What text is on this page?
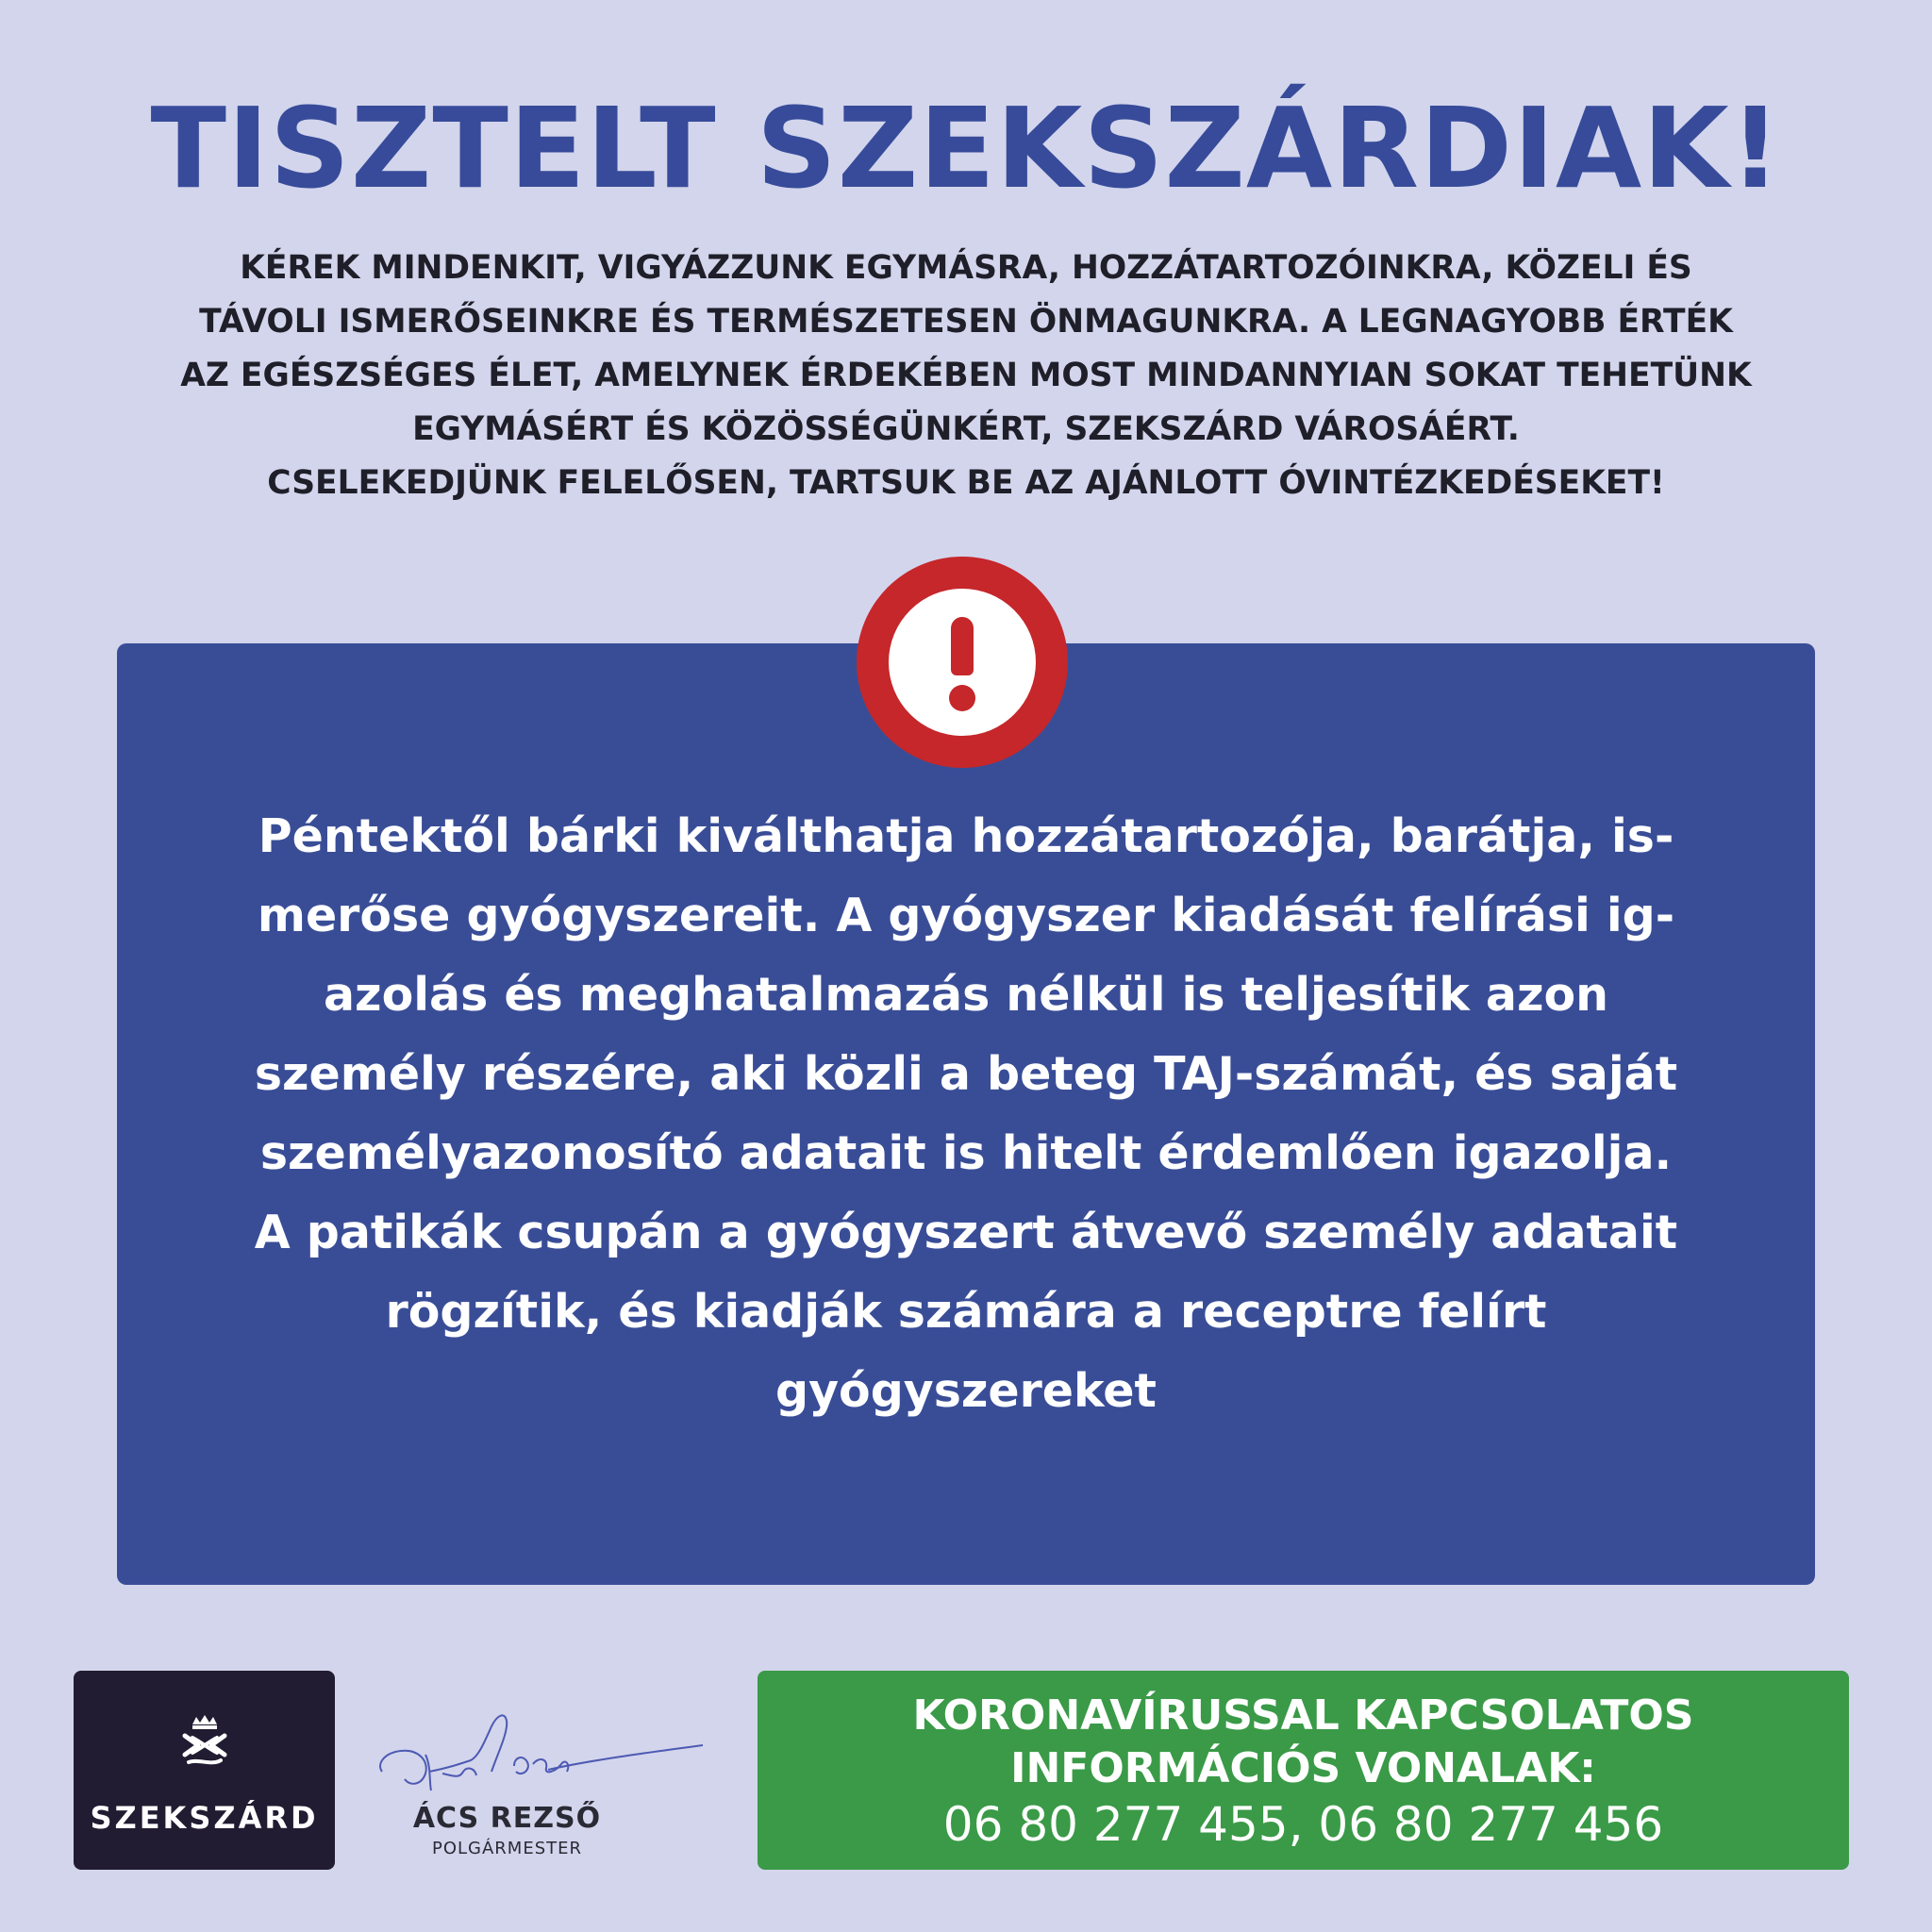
TISZTELT SZEKSZÁRDIAK!
KÉREK MINDENKIT, VIGYÁZZUNK EGYMÁSRA, HOZZÁTARTOZÓINKRA, KÖZELI ÉS
TÁVOLI ISMERŐSEINKRE ÉS TERMÉSZETESEN ÖNMAGUNKRA. A LEGNAGYOBB ÉRTÉK
AZ EGÉSZSÉGES ÉLET, AMELYNEK ÉRDEKÉBEN MOST MINDANNYIAN SOKAT TEHETÜNK
EGYMÁSÉRT ÉS KÖZÖSSÉGÜNKÉRT, SZEKSZÁRD VÁROSÁÉRT.
CSELEKEDJÜNK FELELŐSEN, TARTSUK BE AZ AJÁNLOTT ÓVINTÉZKEDÉSEKET!
Péntektől bárki kiválthatja hozzátartozója, barátja, is-
merőse gyógyszereit. A gyógyszer kiadását felírási ig-
azolás és meghatalmazás nélkül is teljesítik azon
személy részére, aki közli a beteg TAJ-számát, és saját
személyazonosító adatait is hitelt érdemlően igazolja.
A patikák csupán a gyógyszert átvevő személy adatait
rögzítik, és kiadják számára a receptre felírt
gyógyszereket
SZEKSZÁRD	ÁCS REZSŐ
POLGÁRMESTER
KORONAVÍRUSSAL KAPCSOLATOS
INFORMÁCIÓS VONALAK:
06 80 277 455, 06 80 277 456
